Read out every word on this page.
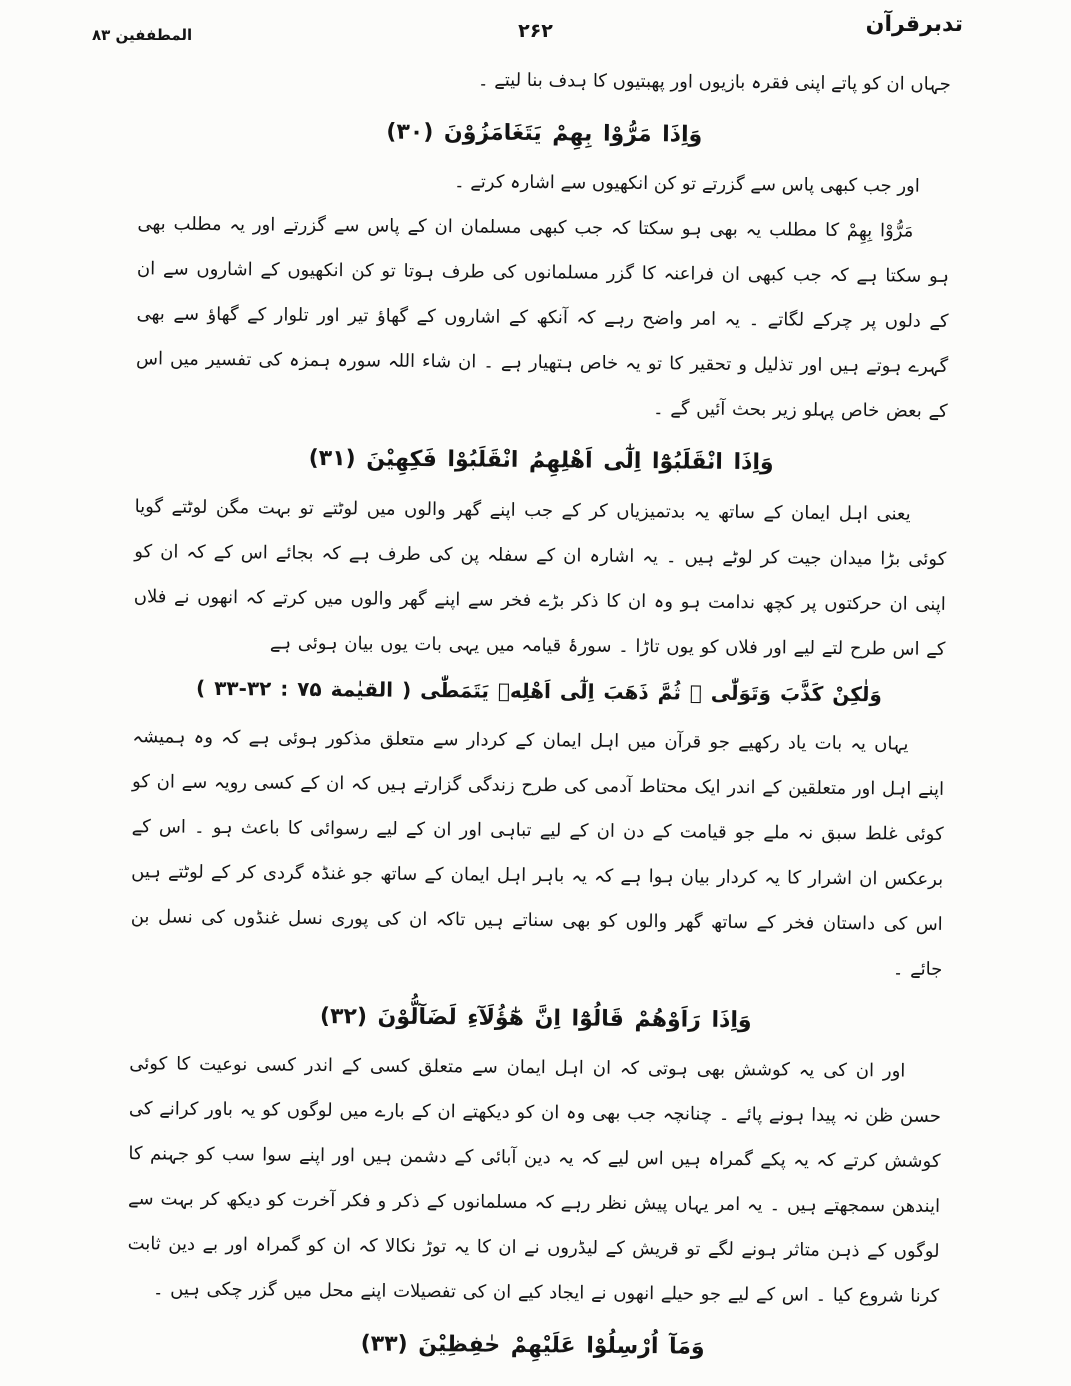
تدبرقرآن
۲۶۲
المطففین ۸۳

جہاں ان کو پاتے اپنی فقرہ بازیوں اور پھبتیوں کا ہدف بنا لیتے ۔

وَاِذَا مَرُّوْا بِهِمْ يَتَغَامَزُوْنَ (۳۰)

اور جب کبھی پاس سے گزرتے تو کن انکھیوں سے اشارہ کرتے ۔

مَرُّوْا بِهِمْ کا مطلب یہ بھی ہو سکتا کہ جب کبھی مسلمان ان کے پاس سے گزرتے اور یہ مطلب بھی ہو سکتا ہے کہ جب کبھی ان فراعنہ کا گزر مسلمانوں کی طرف ہوتا تو کن انکھیوں کے اشاروں سے ان کے دلوں پر چرکے لگاتے ۔ یہ امر واضح رہے کہ آنکھ کے اشاروں کے گھاؤ تیر اور تلوار کے گھاؤ سے بھی گہرے ہوتے ہیں اور تذلیل و تحقیر کا تو یہ خاص ہتھیار ہے ۔ ان شاء اللہ سورہ ہمزہ کی تفسیر میں اس کے بعض خاص پہلو زیر بحث آئیں گے ۔

وَاِذَا انْقَلَبُوْٓا اِلٰٓى اَهْلِهِمُ انْقَلَبُوْا فَكِهِيْنَ (۳۱)

یعنی اہل ایمان کے ساتھ یہ بدتمیزیاں کر کے جب اپنے گھر والوں میں لوٹتے تو بہت مگن لوٹتے گویا کوئی بڑا میدان جیت کر لوٹے ہیں ۔ یہ اشارہ ان کے سفلہ پن کی طرف ہے کہ بجائے اس کے کہ ان کو اپنی ان حرکتوں پر کچھ ندامت ہو وہ ان کا ذکر بڑے فخر سے اپنے گھر والوں میں کرتے کہ انھوں نے فلاں کے اس طرح لتے لیے اور فلاں کو یوں تاڑا ۔ سورۂ قیامہ میں یہی بات یوں بیان ہوئی ہے

وَلٰكِنْ كَذَّبَ وَتَوَلّٰى ۙ ثُمَّ ذَهَبَ اِلٰٓى اَهْلِهٖ يَتَمَطّٰى ( القیٰمة ۷۵ : ۳۲-۳۳ )

یہاں یہ بات یاد رکھیے جو قرآن میں اہل ایمان کے کردار سے متعلق مذکور ہوئی ہے کہ وہ ہمیشہ اپنے اہل اور متعلقین کے اندر ایک محتاط آدمی کی طرح زندگی گزارتے ہیں کہ ان کے کسی رویہ سے ان کو کوئی غلط سبق نہ ملے جو قیامت کے دن ان کے لیے تباہی اور ان کے لیے رسوائی کا باعث ہو ۔ اس کے برعکس ان اشرار کا یہ کردار بیان ہوا ہے کہ یہ باہر اہل ایمان کے ساتھ جو غنڈہ گردی کر کے لوٹتے ہیں اس کی داستان فخر کے ساتھ گھر والوں کو بھی سناتے ہیں تاکہ ان کی پوری نسل غنڈوں کی نسل بن جائے ۔

وَاِذَا رَاَوْهُمْ قَالُوْٓا اِنَّ هٰٓؤُلَآءِ لَضَآلُّوْنَ (۳۲)

اور ان کی یہ کوشش بھی ہوتی کہ ان اہل ایمان سے متعلق کسی کے اندر کسی نوعیت کا کوئی حسن ظن نہ پیدا ہونے پائے ۔ چنانچہ جب بھی وہ ان کو دیکھتے ان کے بارے میں لوگوں کو یہ باور کرانے کی کوشش کرتے کہ یہ پکے گمراہ ہیں اس لیے کہ یہ دین آبائی کے دشمن ہیں اور اپنے سوا سب کو جہنم کا ایندھن سمجھتے ہیں ۔ یہ امر یہاں پیش نظر رہے کہ مسلمانوں کے ذکر و فکر آخرت کو دیکھ کر بہت سے لوگوں کے ذہن متاثر ہونے لگے تو قریش کے لیڈروں نے ان کا یہ توڑ نکالا کہ ان کو گمراہ اور بے دین ثابت کرنا شروع کیا ۔ اس کے لیے جو حیلے انھوں نے ایجاد کیے ان کی تفصیلات اپنے محل میں گزر چکی ہیں ۔

وَمَآ اُرْسِلُوْا عَلَيْهِمْ حٰفِظِيْنَ (۳۳)
